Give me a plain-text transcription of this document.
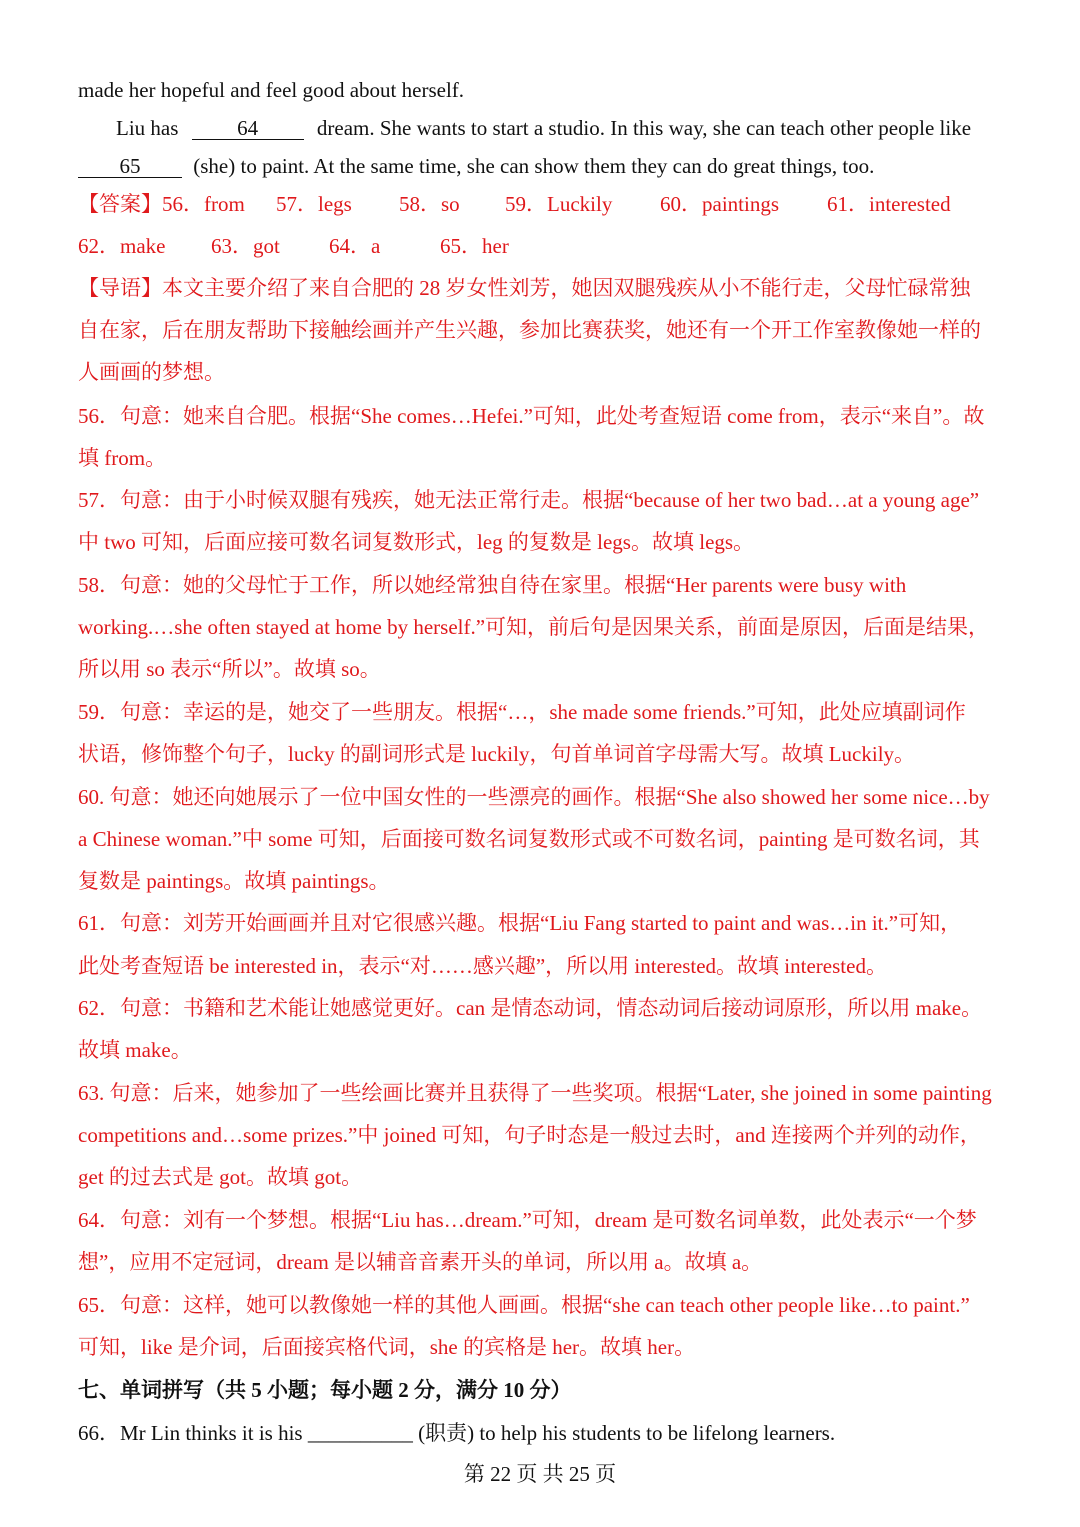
made her hopeful and feel good about herself.
Liu has	64	dream. She wants to start a studio. In this way, she can teach other people like
65	(she) to paint. At the same time, she can show them they can do great things, too.
【答案】56．from 57．legs 58．so 59．Luckily 60．paintings 61．interested
62．make 63．got 64．a	65．her
【导语】本文主要介绍了来自合肥的 28 岁女性刘芳，她因双腿残疾从小不能行走，父母忙碌常独
自在家，后在朋友帮助下接触绘画并产生兴趣，参加比赛获奖，她还有一个开工作室教像她一样的
人画画的梦想。
56．句意：她来自合肥。根据“She comes…Hefei.”可知，此处考查短语 come from，表示“来自”。故
填 from。
57．句意：由于小时候双腿有残疾，她无法正常行走。根据“because of her two bad…at a young age”
中 two 可知，后面应接可数名词复数形式，leg 的复数是 legs。故填 legs。
58．句意：她的父母忙于工作，所以她经常独自待在家里。根据“Her parents were busy with
working.…she often stayed at home by herself.”可知，前后句是因果关系，前面是原因，后面是结果，
所以用 so 表示“所以”。故填 so。
59．句意：幸运的是，她交了一些朋友。根据“…，she made some friends.”可知，此处应填副词作
状语，修饰整个句子，lucky 的副词形式是 luckily，句首单词首字母需大写。故填 Luckily。
60. 句意：她还向她展示了一位中国女性的一些漂亮的画作。根据“She also showed her some nice…by
a Chinese woman.”中 some 可知，后面接可数名词复数形式或不可数名词，painting 是可数名词，其
复数是 paintings。故填 paintings。
61．句意：刘芳开始画画并且对它很感兴趣。根据“Liu Fang started to paint and was…in it.”可知，
此处考查短语 be interested in，表示“对……感兴趣”，所以用 interested。故填 interested。
62．句意：书籍和艺术能让她感觉更好。can 是情态动词，情态动词后接动词原形，所以用 make。
故填 make。
63. 句意：后来，她参加了一些绘画比赛并且获得了一些奖项。根据“Later, she joined in some painting
competitions and…some prizes.”中 joined 可知，句子时态是一般过去时，and 连接两个并列的动作，
get 的过去式是 got。故填 got。
64．句意：刘有一个梦想。根据“Liu has…dream.”可知，dream 是可数名词单数，此处表示“一个梦
想”，应用不定冠词，dream 是以辅音音素开头的单词，所以用 a。故填 a。
65．句意：这样，她可以教像她一样的其他人画画。根据“she can teach other people like…to paint.”
可知，like 是介词，后面接宾格代词，she 的宾格是 her。故填 her。
七、单词拼写（共 5 小题；每小题 2 分，满分 10 分）
66．Mr Lin thinks it is his __________ (职责) to help his students to be lifelong learners.
第 22 页 共 25 页
